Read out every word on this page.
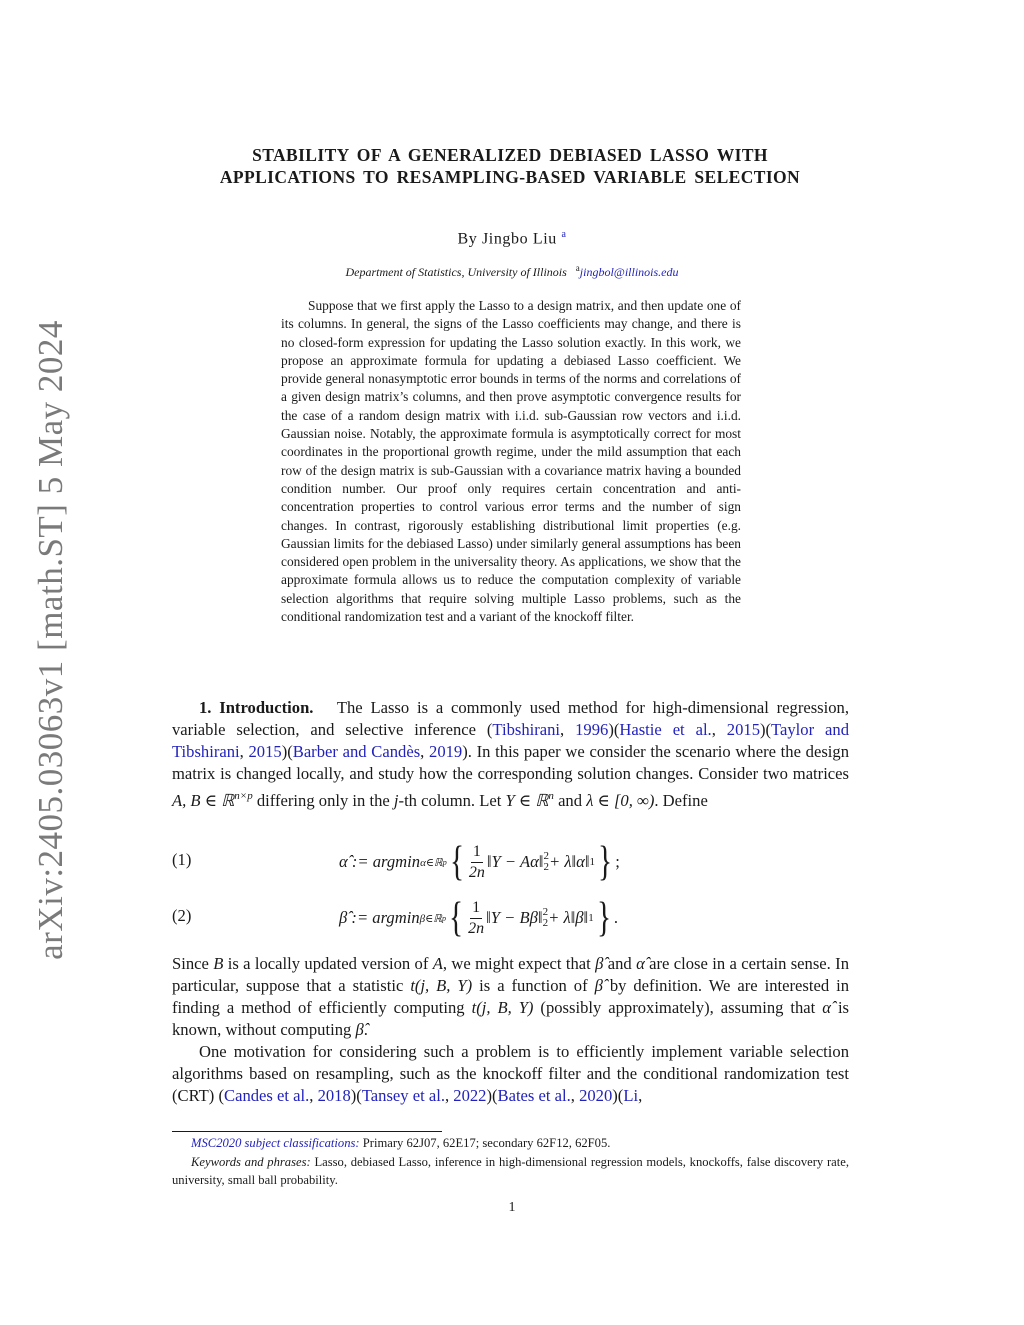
arXiv:2405.03063v1 [math.ST] 5 May 2024
STABILITY OF A GENERALIZED DEBIASED LASSO WITH
APPLICATIONS TO RESAMPLING-BASED VARIABLE SELECTION
By Jingbo Liu $^a$
Department of Statistics, University of Illinois $^a$jingbol@illinois.edu

Suppose that we first apply the Lasso to a design matrix, and then update one of its columns. In general, the signs of the Lasso coefficients may change, and there is no closed-form expression for updating the Lasso solution exactly. In this work, we propose an approximate formula for updating a debiased Lasso coefficient. We provide general nonasymptotic error bounds in terms of the norms and correlations of a given design matrix’s columns, and then prove asymptotic convergence results for the case of a random design matrix with i.i.d. sub-Gaussian row vectors and i.i.d. Gaussian noise. Notably, the approximate formula is asymptotically correct for most coordinates in the proportional growth regime, under the mild assumption that each row of the design matrix is sub-Gaussian with a covariance matrix having a bounded condition number. Our proof only requires certain concentration and anti-concentration properties to control various error terms and the number of sign changes. In contrast, rigorously establishing distributional limit properties (e.g. Gaussian limits for the debiased Lasso) under similarly general assumptions has been considered open problem in the universality theory. As applications, we show that the approximate formula allows us to reduce the computation complexity of variable selection algorithms that require solving multiple Lasso problems, such as the conditional randomization test and a variant of the knockoff filter.

1. Introduction. The Lasso is a commonly used method for high-dimensional regression, variable selection, and selective inference (Tibshirani, 1996)(Hastie et al., 2015)(Taylor and Tibshirani, 2015)(Barber and Candès, 2019). In this paper we consider the scenario where the design matrix is changed locally, and study how the corresponding solution changes. Consider two matrices A, B ∈ ℝ$^{n\times p}$ differing only in the j-th column. Let Y ∈ ℝ$^n$ and λ ∈ [0, ∞). Define

(1)	α̂ := argmin α∈ℝ p { $\frac{1}{2n}$ ‖Y − Aα‖ 2
2 + λ‖α‖ 1 } ;
(2)	β̂ := argmin β∈ℝ p { $\frac{1}{2n}$ ‖Y − Bβ‖ 2
2 + λ‖β‖ 1 } .

Since B is a locally updated version of A, we might expect that β̂ and α̂ are close in a certain sense. In particular, suppose that a statistic t(j, B, Y) is a function of β̂ by definition. We are interested in finding a method of efficiently computing t(j, B, Y) (possibly approximately), assuming that α̂ is known, without computing β̂.

One motivation for considering such a problem is to efficiently implement variable selection algorithms based on resampling, such as the knockoff filter and the conditional randomization test (CRT) (Candes et al., 2018)(Tansey et al., 2022)(Bates et al., 2020)(Li,

MSC2020 subject classifications: Primary 62J07, 62E17; secondary 62F12, 62F05.

Keywords and phrases: Lasso, debiased Lasso, inference in high-dimensional regression models, knockoffs, false discovery rate, university, small ball probability.

1
